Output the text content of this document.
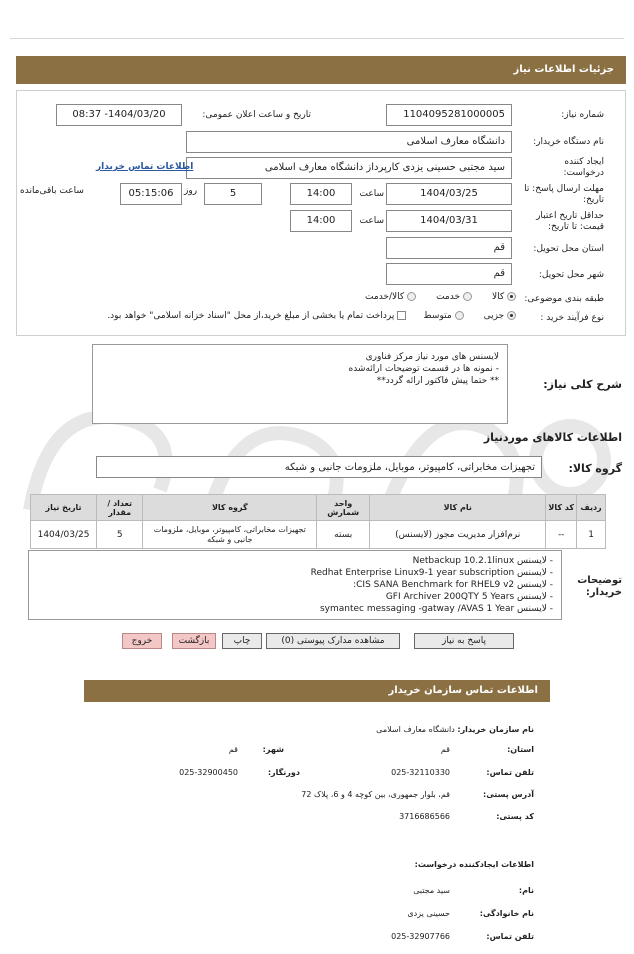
جزئیات اطلاعات نیاز
شماره نیاز:
1104095281000005
تاریخ و ساعت اعلان عمومی:
1404/03/20- 08:37
نام دستگاه خریدار:
دانشگاه معارف اسلامی
ایجاد کننده درخواست:
سید مجتبی حسینی یزدی کارپرداز دانشگاه معارف اسلامی
اطلاعات تماس خریدار
مهلت ارسال پاسخ: تا تاریخ:
1404/03/25
ساعت
14:00
5
روز
05:15:06
ساعت باقی‌مانده
حداقل تاریخ اعتبار قیمت: تا تاریخ:
1404/03/31
ساعت
14:00
استان محل تحویل:
قم
شهر محل تحویل:
قم
طبقه بندی موضوعی:
کالا        خدمت        کالا/خدمت
نوع فرآیند خرید :
جزیی        متوسط       پرداخت تمام یا بخشی از مبلغ خرید،از محل "اسناد خزانه اسلامی" خواهد بود.
شرح کلی نیاز:
لایسنس های مورد نیاز مرکز فناوری
- نمونه ها در قسمت توضیحات ارائه‌شده
** حتما پیش فاکتور ارائه گردد**
اطلاعات کالاهای موردنیاز
گروه کالا:
تجهیزات مخابراتی، کامپیوتر، موبایل، ملزومات جانبی و شبکه
ردیف	کد کالا	نام کالا	واحد شمارش	گروه کالا	تعداد / مقدار	تاریخ نیاز
1	--	نرم‌افزار مدیریت مجوز (لایسنس)	بسته	تجهیزات مخابراتی، کامپیوتر، موبایل، ملزومات جانبی و شبکه	5	1404/03/25
توضیحات خریدار:
- لایسنس Netbackup 10.2.1linux
- لایسنس Redhat Enterprise Linux9-1 year subscription
- لایسنس CIS SANA Benchmark for RHEL9 v2:
- لایسنس GFI Archiver 200QTY 5 Years
- لایسنس symantec messaging -gatway /AVAS 1 Year
پاسخ به نیاز
مشاهده مدارک پیوستی (0)
چاپ
بازگشت
خروج
اطلاعات تماس سازمان خریدار
نام سازمان خریدار: دانشگاه معارف اسلامی
استان:
قم
شهر:
قم
تلفن تماس:
025-32110330
دورنگار:
025-32900450
آدرس پستی:
قم، بلوار جمهوری، بین کوچه 4 و 6، پلاک 72
کد پستی:
3716686566
اطلاعات ایجادکننده درخواست:
نام:
سید مجتبی
نام خانوادگی:
حسینی یزدی
تلفن تماس:
025-32907766
